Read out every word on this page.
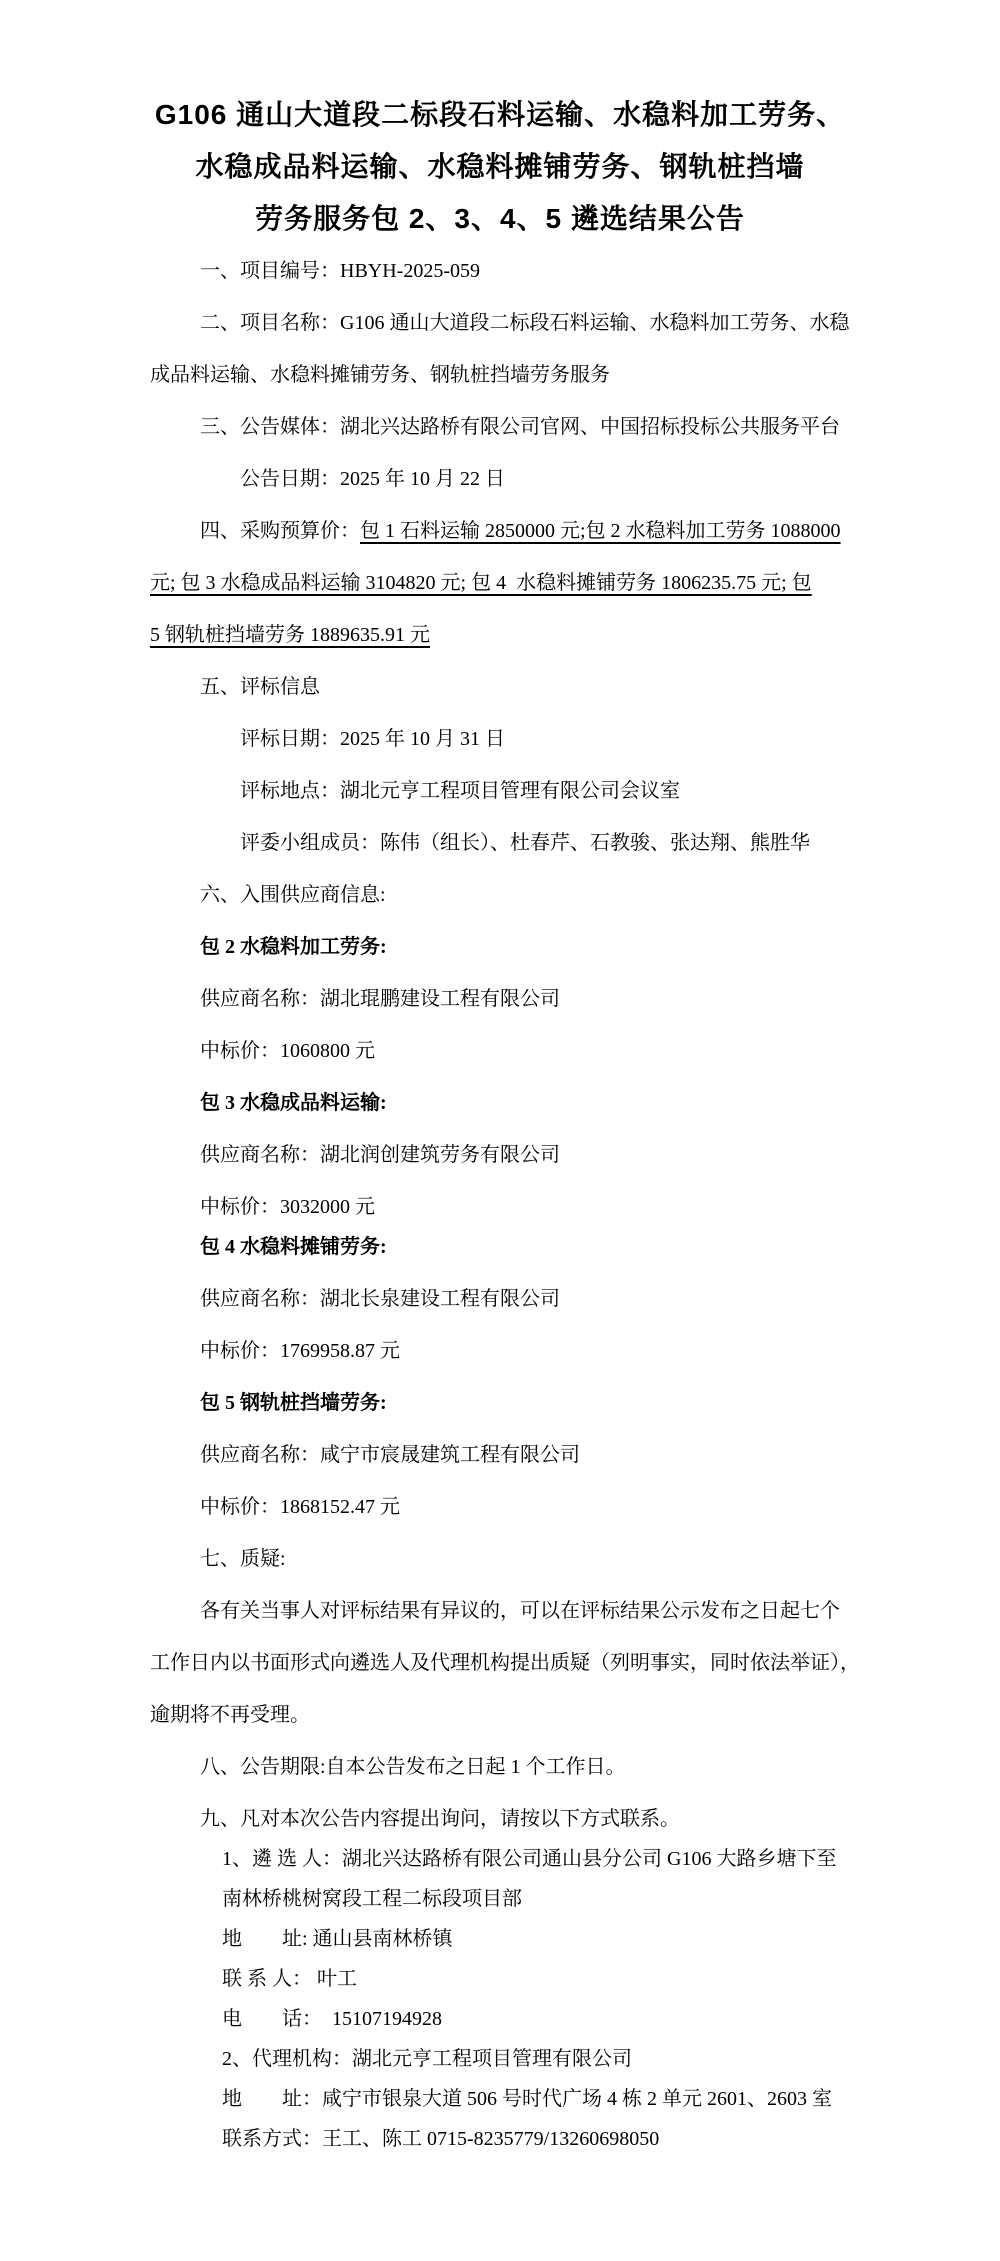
G106 通山大道段二标段石料运输、水稳料加工劳务、
水稳成品料运输、水稳料摊铺劳务、钢轨桩挡墙
劳务服务包 2、3、4、5 遴选结果公告
一、项目编号：HBYH-2025-059
二、项目名称：G106 通山大道段二标段石料运输、水稳料加工劳务、水稳
成品料运输、水稳料摊铺劳务、钢轨桩挡墙劳务服务
三、公告媒体：湖北兴达路桥有限公司官网、中国招标投标公共服务平台
公告日期：2025 年 10 月 22 日
四、采购预算价：包 1 石料运输 2850000 元;包 2 水稳料加工劳务 1088000
元; 包 3 水稳成品料运输 3104820 元; 包 4  水稳料摊铺劳务 1806235.75 元; 包
5 钢轨桩挡墙劳务 1889635.91 元
五、评标信息
评标日期：2025 年 10 月 31 日
评标地点：湖北元亨工程项目管理有限公司会议室
评委小组成员：陈伟（组长）、杜春芹、石教骏、张达翔、熊胜华
六、入围供应商信息:
包 2 水稳料加工劳务:
供应商名称：湖北琨鹏建设工程有限公司
中标价：1060800 元
包 3 水稳成品料运输:
供应商名称：湖北润创建筑劳务有限公司
中标价：3032000 元
包 4 水稳料摊铺劳务:
供应商名称：湖北长泉建设工程有限公司
中标价：1769958.87 元
包 5 钢轨桩挡墙劳务:
供应商名称：咸宁市宸晟建筑工程有限公司
中标价：1868152.47 元
七、质疑:
各有关当事人对评标结果有异议的，可以在评标结果公示发布之日起七个
工作日内以书面形式向遴选人及代理机构提出质疑（列明事实，同时依法举证），
逾期将不再受理。
八、公告期限:自本公告发布之日起 1 个工作日。
九、凡对本次公告内容提出询问，请按以下方式联系。
1、遴 选 人：湖北兴达路桥有限公司通山县分公司 G106 大路乡塘下至
南林桥桃树窝段工程二标段项目部
地　　址: 通山县南林桥镇
联 系 人： 叶工
电　　话：  15107194928
2、代理机构：湖北元亨工程项目管理有限公司
地　　址：咸宁市银泉大道 506 号时代广场 4 栋 2 单元 2601、2603 室
联系方式：王工、陈工 0715-8235779/13260698050
